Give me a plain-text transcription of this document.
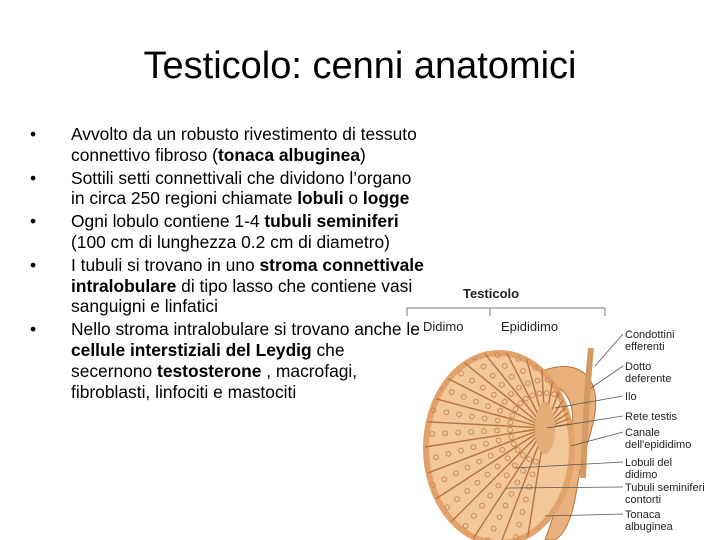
Testicolo: cenni anatomici
• Avvolto da un robusto rivestimento di tessuto connettivo fibroso (tonaca albuginea)
• Sottili setti connettivali che dividono l’organo in circa 250 regioni chiamate lobuli o logge
• Ogni lobulo contiene 1-4 tubuli seminiferi (100 cm di lunghezza 0.2 cm di diametro)
• I tubuli si trovano in uno stroma connettivale intralobulare di tipo lasso che contiene vasi sanguigni e linfatici
• Nello stroma intralobulare si trovano anche le cellule interstiziali del Leydig che secernono testosterone , macrofagi, fibroblasti, linfociti e mastociti
Testicolo
Didimo	Epididimo
Condottini
efferenti
Dotto
deferente
Ilo
Rete testis
Canale
dell'epididimo
Lobuli del
didimo
Tubuli seminiferi
contorti
Tonaca
albuginea
